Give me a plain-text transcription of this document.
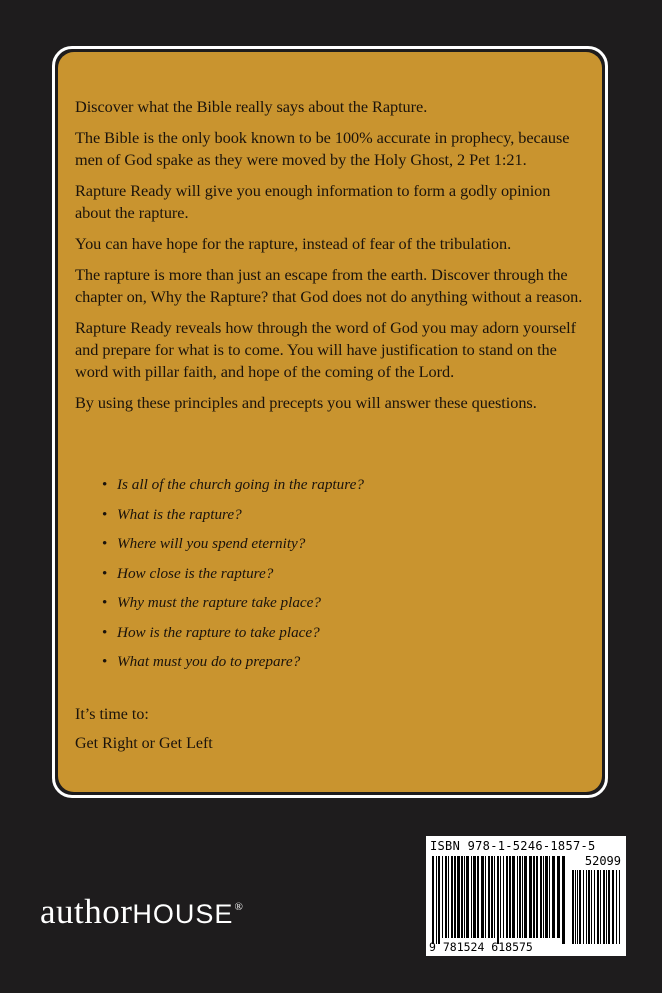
Discover what the Bible really says about the Rapture.

The Bible is the only book known to be 100% accurate in prophecy, because men of God spake as they were moved by the Holy Ghost, 2 Pet 1:21.

Rapture Ready will give you enough information to form a godly opinion about the rapture.

You can have hope for the rapture, instead of fear of the tribulation.

The rapture is more than just an escape from the earth. Discover through the chapter on, Why the Rapture? that God does not do anything without a reason.

Rapture Ready reveals how through the word of God you may adorn yourself and prepare for what is to come. You will have justification to stand on the word with pillar faith, and hope of the coming of the Lord.

By using these principles and precepts you will answer these questions.

• Is all of the church going in the rapture?
• What is the rapture?
• Where will you spend eternity?
• How close is the rapture?
• Why must the rapture take place?
• How is the rapture to take place?
• What must you do to prepare?
It’s time to:
Get Right or Get Left
authorHOUSE®
ISBN 978-1-5246-1857-5
52099
9 781524 618575
